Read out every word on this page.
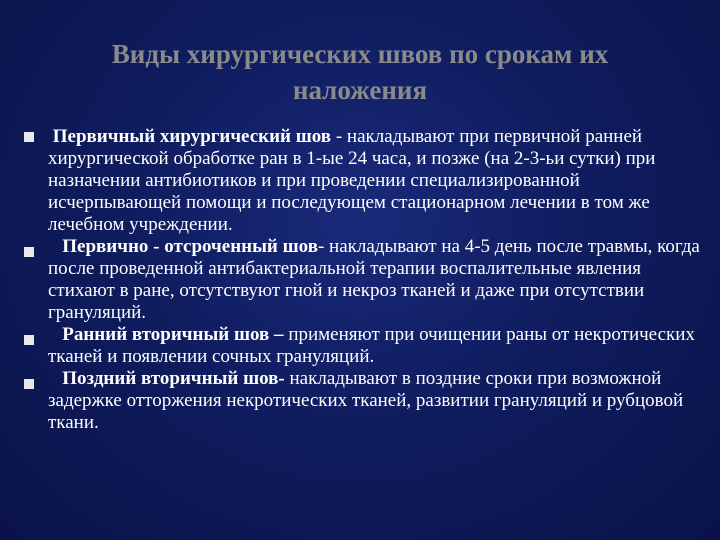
Виды хирургических швов по срокам их
наложения
Первичный хирургический шов - накладывают при первичной ранней хирургической обработке ран в 1-ые 24 часа, и позже (на 2-3-ьи сутки) при назначении антибиотиков и при проведении специализированной исчерпывающей помощи и последующем стационарном лечении в том же лечебном учреждении.
Первично - отсроченный шов- накладывают на 4-5 день после травмы, когда после проведенной антибактериальной терапии воспалительные явления стихают в ране, отсутствуют гной и некроз тканей и даже при отсутствии грануляций.
Ранний вторичный шов – применяют при очищении раны от некротических тканей и появлении сочных грануляций.
Поздний вторичный шов- накладывают в поздние сроки при возможной задержке отторжения некротических тканей, развитии грануляций и рубцовой ткани.
